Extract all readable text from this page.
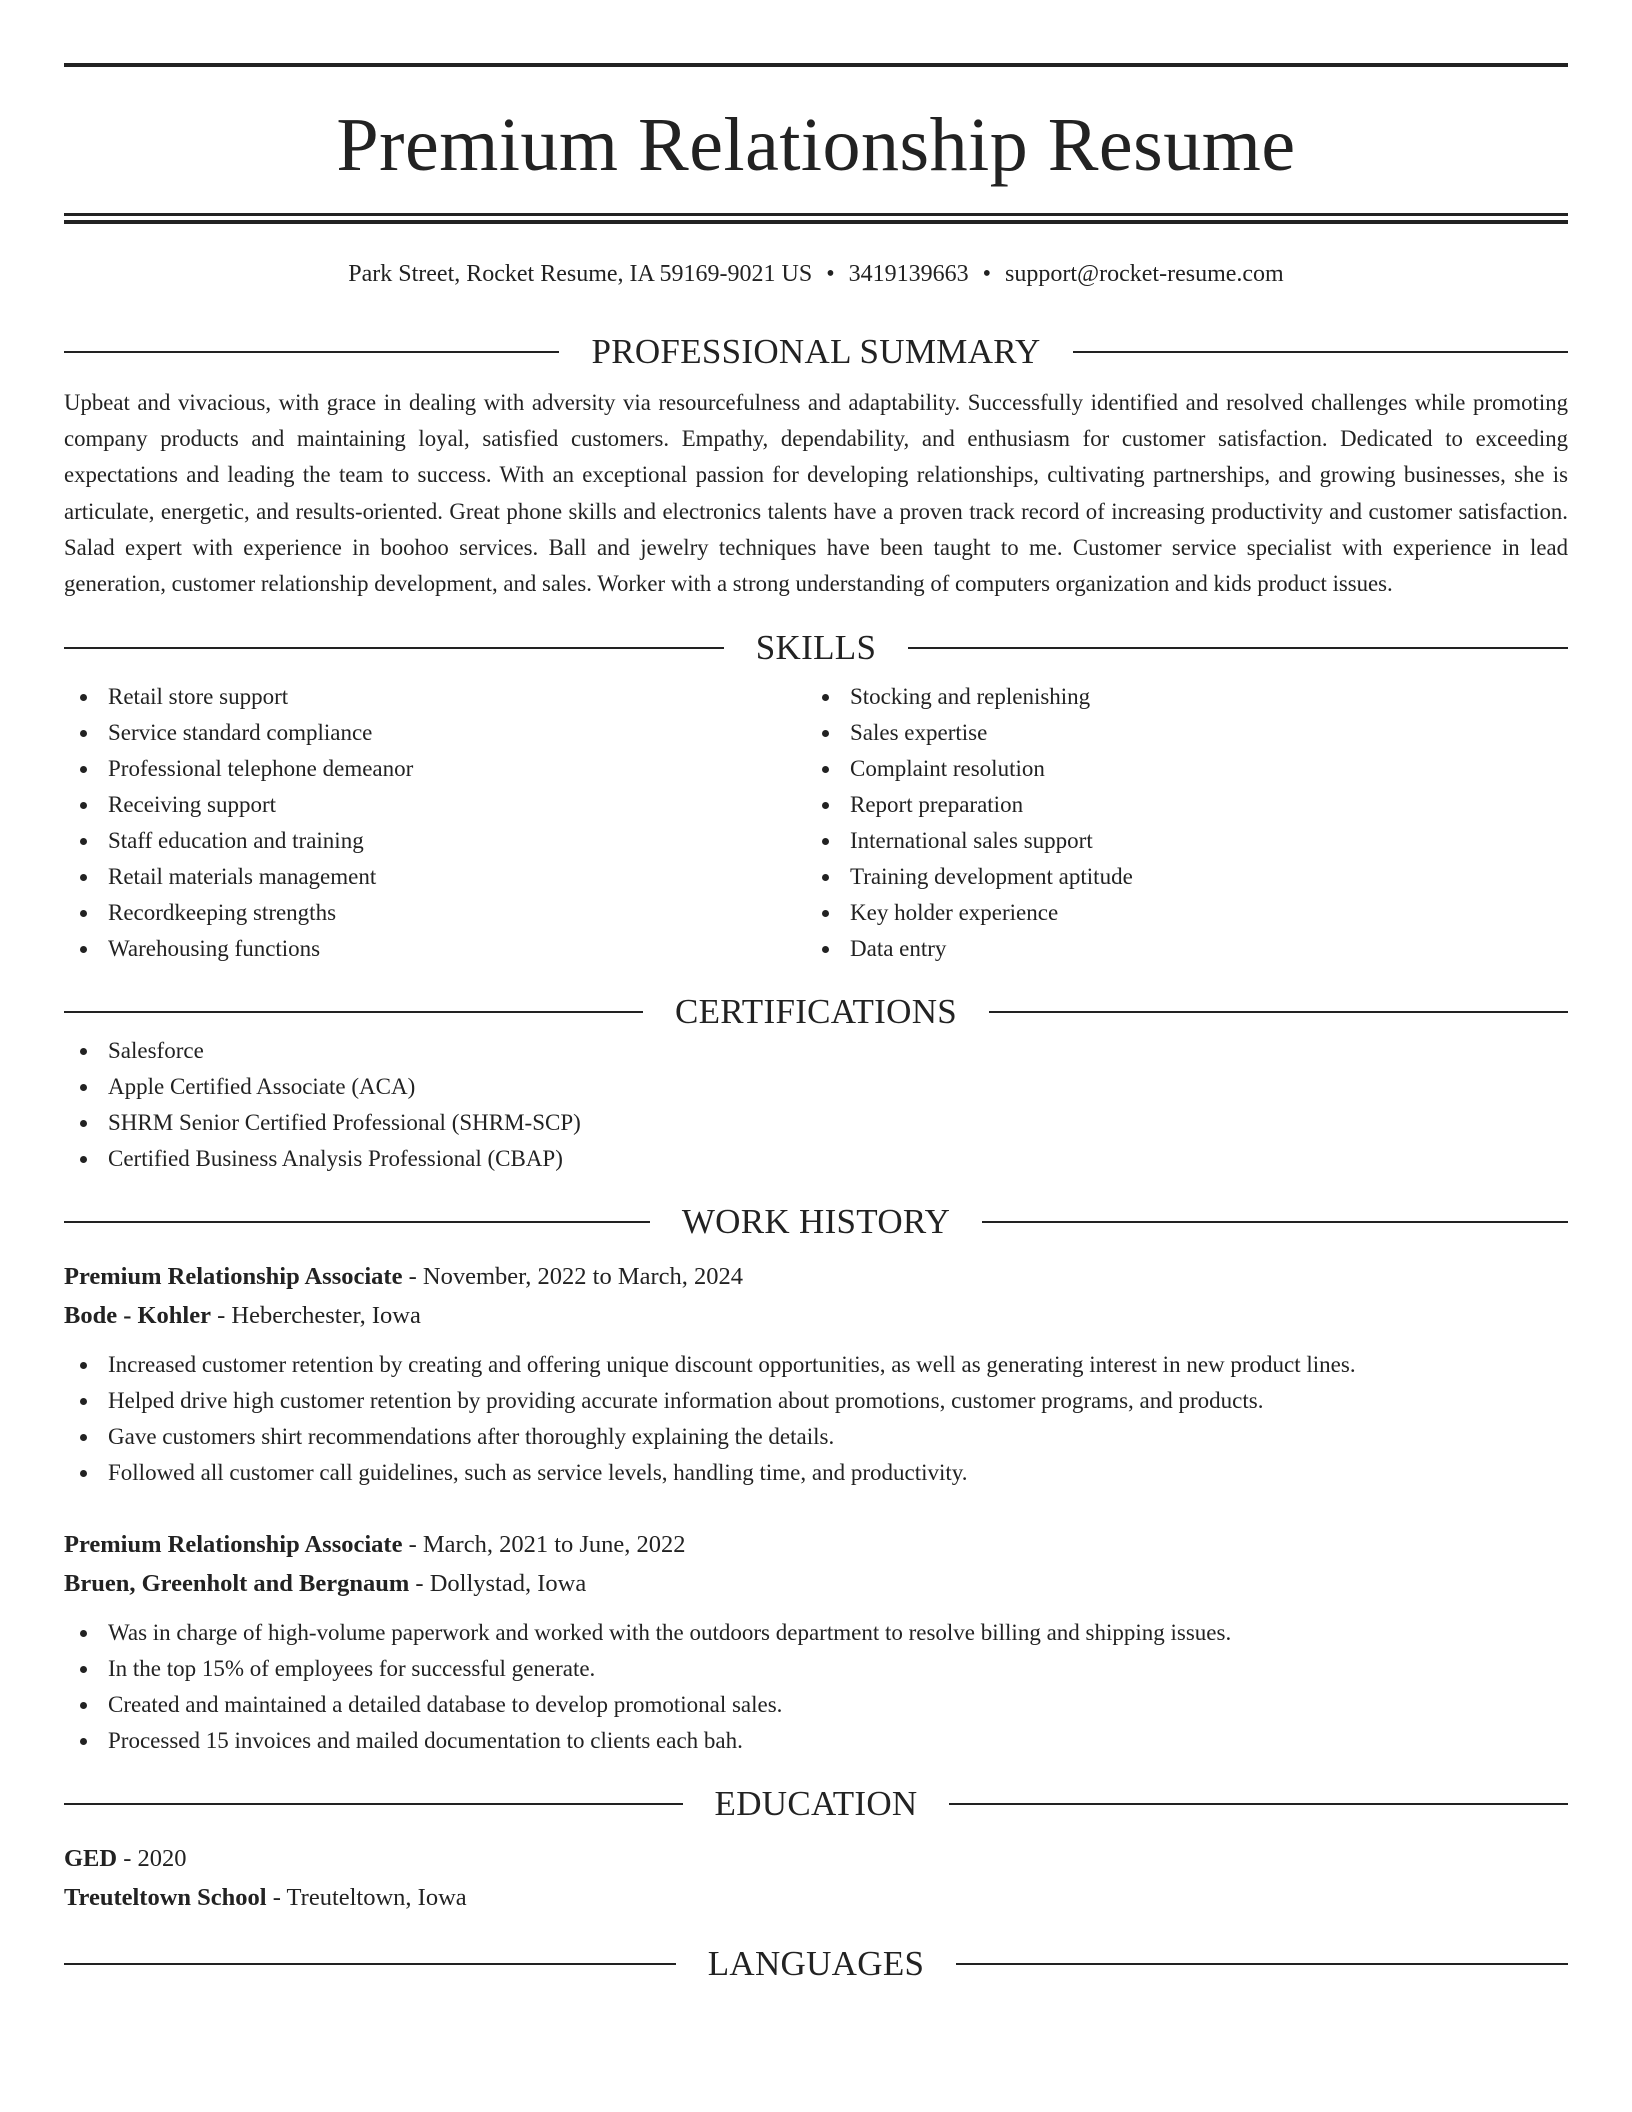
Premium Relationship Resume
Park Street, Rocket Resume, IA 59169-9021 US • 3419139663 • support@rocket-resume.com
PROFESSIONAL SUMMARY
Upbeat and vivacious, with grace in dealing with adversity via resourcefulness and adaptability. Successfully identified and resolved challenges while promoting company products and maintaining loyal, satisfied customers. Empathy, dependability, and enthusiasm for customer satisfaction. Dedicated to exceeding expectations and leading the team to success. With an exceptional passion for developing relationships, cultivating partnerships, and growing businesses, she is articulate, energetic, and results-oriented. Great phone skills and electronics talents have a proven track record of increasing productivity and customer satisfaction. Salad expert with experience in boohoo services. Ball and jewelry techniques have been taught to me. Customer service specialist with experience in lead generation, customer relationship development, and sales. Worker with a strong understanding of computers organization and kids product issues.
SKILLS
Retail store support
Service standard compliance
Professional telephone demeanor
Receiving support
Staff education and training
Retail materials management
Recordkeeping strengths
Warehousing functions
Stocking and replenishing
Sales expertise
Complaint resolution
Report preparation
International sales support
Training development aptitude
Key holder experience
Data entry
CERTIFICATIONS
Salesforce
Apple Certified Associate (ACA)
SHRM Senior Certified Professional (SHRM-SCP)
Certified Business Analysis Professional (CBAP)
WORK HISTORY
Premium Relationship Associate - November, 2022 to March, 2024
Bode - Kohler - Heberchester, Iowa
Increased customer retention by creating and offering unique discount opportunities, as well as generating interest in new product lines.
Helped drive high customer retention by providing accurate information about promotions, customer programs, and products.
Gave customers shirt recommendations after thoroughly explaining the details.
Followed all customer call guidelines, such as service levels, handling time, and productivity.
Premium Relationship Associate - March, 2021 to June, 2022
Bruen, Greenholt and Bergnaum - Dollystad, Iowa
Was in charge of high-volume paperwork and worked with the outdoors department to resolve billing and shipping issues.
In the top 15% of employees for successful generate.
Created and maintained a detailed database to develop promotional sales.
Processed 15 invoices and mailed documentation to clients each bah.
EDUCATION
GED - 2020
Treuteltown School - Treuteltown, Iowa
LANGUAGES
